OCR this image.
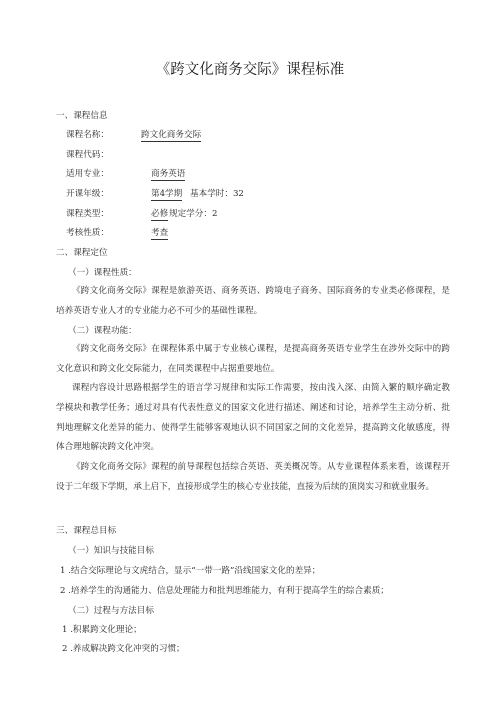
《跨文化商务交际》课程标准
一、课程信息
课程名称：	跨文化商务交际
课程代码：
适用专业：	商务英语
开课年级：	第4学期 基本学时：32
课程类型：	必修 规定学分：2
考核性质：	考查
二、课程定位
（一）课程性质：
《跨文化商务交际》课程是旅游英语、商务英语、跨境电子商务、国际商务的专业类必修课程，是培养英语专业人才的专业能力必不可少的基础性课程。
（二）课程功能：
《跨文化商务交际》在课程体系中属于专业核心课程，是提高商务英语专业学生在涉外交际中的跨文化意识和跨文化交际能力，在同类课程中占据重要地位。
课程内容设计思路根据学生的语言学习规律和实际工作需要，按由浅入深、由简入繁的顺序确定教学模块和教学任务；通过对具有代表性意义的国家文化进行描述、阐述和讨论，培养学生主动分析、批判地理解文化差异的能力、使得学生能够客观地认识不同国家之间的文化差异，提高跨文化敏感度，得体合理地解决跨文化冲突。
《跨文化商务交际》课程的前导课程包括综合英语、英美概况等。从专业课程体系来看，该课程开设于二年级下学期，承上启下，直接形成学生的核心专业技能，直接为后续的顶岗实习和就业服务。
三、课程总目标
（一）知识与技能目标
1 .结合交际理论与文虎结合，显示“一带一路”沿线国家文化的差异；
2 .培养学生的沟通能力、信息处理能力和批判思维能力，有利于提高学生的综合素质；
（二）过程与方法目标
1 .积累跨文化理论；
2 .养成解决跨文化冲突的习惯；
